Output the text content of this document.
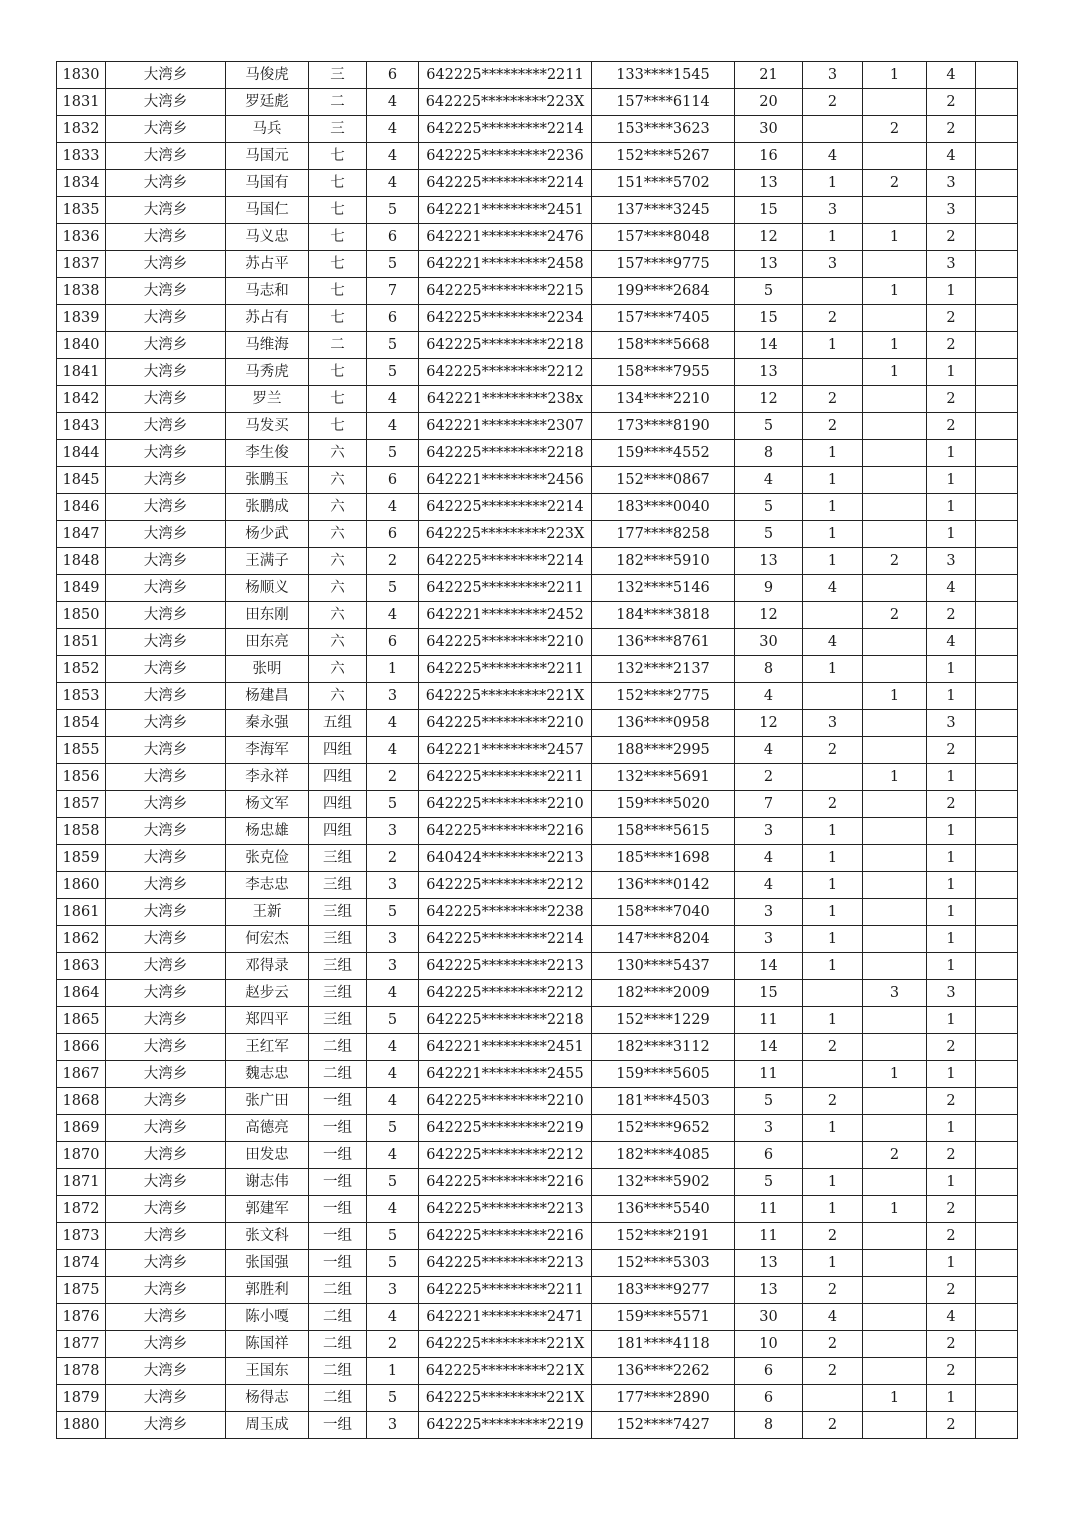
1830	大湾乡	马俊虎	三	6	642225*********2211	133****1545	21	3	1	4	
1831	大湾乡	罗廷彪	二	4	642225*********223X	157****6114	20	2		2	
1832	大湾乡	马兵	三	4	642225*********2214	153****3623	30		2	2	
1833	大湾乡	马国元	七	4	642225*********2236	152****5267	16	4		4	
1834	大湾乡	马国有	七	4	642225*********2214	151****5702	13	1	2	3	
1835	大湾乡	马国仁	七	5	642221*********2451	137****3245	15	3		3	
1836	大湾乡	马义忠	七	6	642221*********2476	157****8048	12	1	1	2	
1837	大湾乡	苏占平	七	5	642221*********2458	157****9775	13	3		3	
1838	大湾乡	马志和	七	7	642225*********2215	199****2684	5		1	1	
1839	大湾乡	苏占有	七	6	642225*********2234	157****7405	15	2		2	
1840	大湾乡	马维海	二	5	642225*********2218	158****5668	14	1	1	2	
1841	大湾乡	马秀虎	七	5	642225*********2212	158****7955	13		1	1	
1842	大湾乡	罗兰	七	4	642221*********238x	134****2210	12	2		2	
1843	大湾乡	马发买	七	4	642221*********2307	173****8190	5	2		2	
1844	大湾乡	李生俊	六	5	642225*********2218	159****4552	8	1		1	
1845	大湾乡	张鹏玉	六	6	642221*********2456	152****0867	4	1		1	
1846	大湾乡	张鹏成	六	4	642225*********2214	183****0040	5	1		1	
1847	大湾乡	杨少武	六	6	642225*********223X	177****8258	5	1		1	
1848	大湾乡	王满子	六	2	642225*********2214	182****5910	13	1	2	3	
1849	大湾乡	杨顺义	六	5	642225*********2211	132****5146	9	4		4	
1850	大湾乡	田东刚	六	4	642221*********2452	184****3818	12		2	2	
1851	大湾乡	田东亮	六	6	642225*********2210	136****8761	30	4		4	
1852	大湾乡	张明	六	1	642225*********2211	132****2137	8	1		1	
1853	大湾乡	杨建昌	六	3	642225*********221X	152****2775	4		1	1	
1854	大湾乡	秦永强	五组	4	642225*********2210	136****0958	12	3		3	
1855	大湾乡	李海军	四组	4	642221*********2457	188****2995	4	2		2	
1856	大湾乡	李永祥	四组	2	642225*********2211	132****5691	2		1	1	
1857	大湾乡	杨文军	四组	5	642225*********2210	159****5020	7	2		2	
1858	大湾乡	杨忠雄	四组	3	642225*********2216	158****5615	3	1		1	
1859	大湾乡	张克俭	三组	2	640424*********2213	185****1698	4	1		1	
1860	大湾乡	李志忠	三组	3	642225*********2212	136****0142	4	1		1	
1861	大湾乡	王新	三组	5	642225*********2238	158****7040	3	1		1	
1862	大湾乡	何宏杰	三组	3	642225*********2214	147****8204	3	1		1	
1863	大湾乡	邓得录	三组	3	642225*********2213	130****5437	14	1		1	
1864	大湾乡	赵步云	三组	4	642225*********2212	182****2009	15		3	3	
1865	大湾乡	郑四平	三组	5	642225*********2218	152****1229	11	1		1	
1866	大湾乡	王红军	二组	4	642221*********2451	182****3112	14	2		2	
1867	大湾乡	魏志忠	二组	4	642221*********2455	159****5605	11		1	1	
1868	大湾乡	张广田	一组	4	642225*********2210	181****4503	5	2		2	
1869	大湾乡	高德亮	一组	5	642225*********2219	152****9652	3	1		1	
1870	大湾乡	田发忠	一组	4	642225*********2212	182****4085	6		2	2	
1871	大湾乡	谢志伟	一组	5	642225*********2216	132****5902	5	1		1	
1872	大湾乡	郭建军	一组	4	642225*********2213	136****5540	11	1	1	2	
1873	大湾乡	张文科	一组	5	642225*********2216	152****2191	11	2		2	
1874	大湾乡	张国强	一组	5	642225*********2213	152****5303	13	1		1	
1875	大湾乡	郭胜利	二组	3	642225*********2211	183****9277	13	2		2	
1876	大湾乡	陈小嘎	二组	4	642221*********2471	159****5571	30	4		4	
1877	大湾乡	陈国祥	二组	2	642225*********221X	181****4118	10	2		2	
1878	大湾乡	王国东	二组	1	642225*********221X	136****2262	6	2		2	
1879	大湾乡	杨得志	二组	5	642225*********221X	177****2890	6		1	1	
1880	大湾乡	周玉成	一组	3	642225*********2219	152****7427	8	2		2	
